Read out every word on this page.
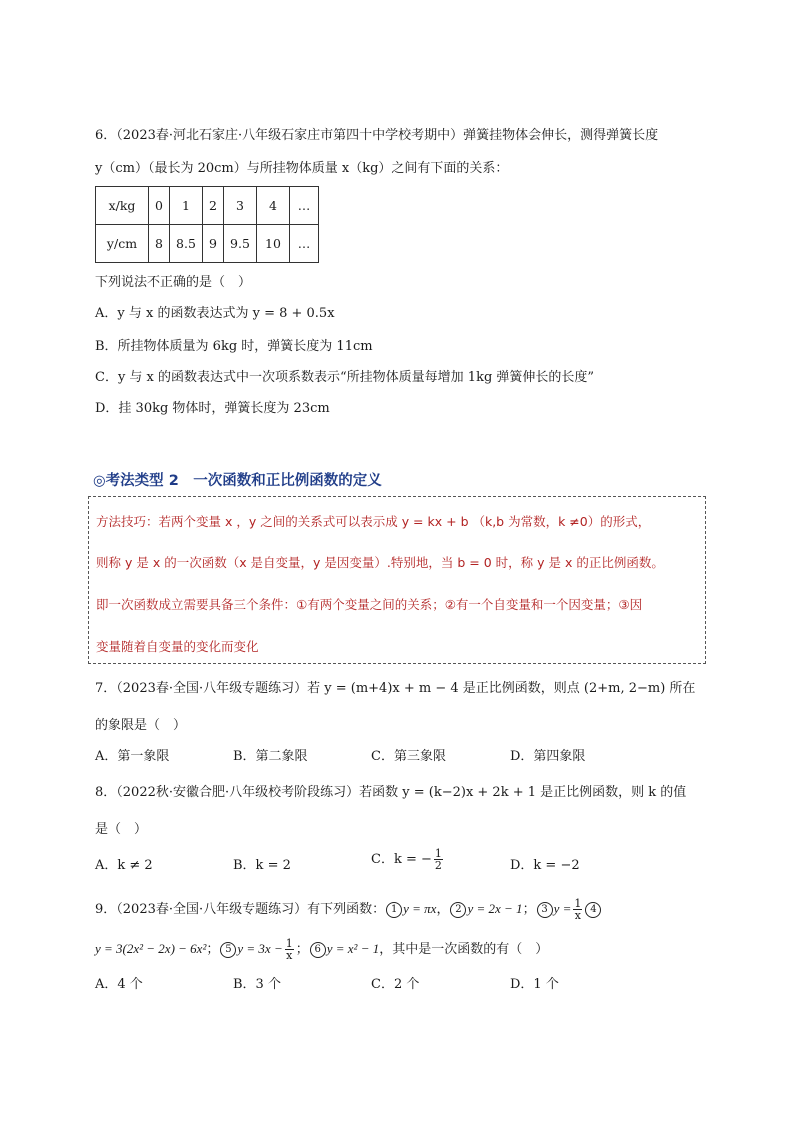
6．（2023春·河北石家庄·八年级石家庄市第四十中学校考期中）弹簧挂物体会伸长，测得弹簧长度
y（cm）（最长为 20cm）与所挂物体质量 x（kg）之间有下面的关系：
x/kg	0	1	2	3	4	…
y/cm	8	8.5	9	9.5	10	…
下列说法不正确的是（　）
A．y 与 x 的函数表达式为 y = 8 + 0.5x
B．所挂物体质量为 6kg 时，弹簧长度为 11cm
C．y 与 x 的函数表达式中一次项系数表示“所挂物体质量每增加 1kg 弹簧伸长的长度”
D．挂 30kg 物体时，弹簧长度为 23cm
◎考法类型 2　一次函数和正比例函数的定义
方法技巧：若两个变量 x ，y 之间的关系式可以表示成 y = kx + b （k,b 为常数，k ≠0）的形式，
则称 y 是 x 的一次函数（x 是自变量，y 是因变量）.特别地，当 b = 0 时，称 y 是 x 的正比例函数。
即一次函数成立需要具备三个条件：①有两个变量之间的关系；②有一个自变量和一个因变量；③因
变量随着自变量的变化而变化
7．（2023春·全国·八年级专题练习）若 y = (m+4)x + m − 4 是正比例函数，则点 (2+m, 2−m) 所在
的象限是（　）
A．第一象限	B．第二象限	C．第三象限	D．第四象限
8．（2022秋·安徽合肥·八年级校考阶段练习）若函数 y = (k−2)x + 2k + 1 是正比例函数，则 k 的值
是（　）
A．k ≠ 2	B．k = 2	C．k = − $\frac{1}{2}$	D．k = −2
9．（2023春·全国·八年级专题练习）有下列函数： 1 y = πx， 2 y = 2x − 1； 3 $y = \frac{1}{x} 4$
y = 3(2x² − 2x) − 6x²； 5 $y = 3x - \frac{1}{x}$ ； 6 y = x² − 1，其中是一次函数的有（　）
A．4 个	B．3 个	C．2 个	D．1 个
